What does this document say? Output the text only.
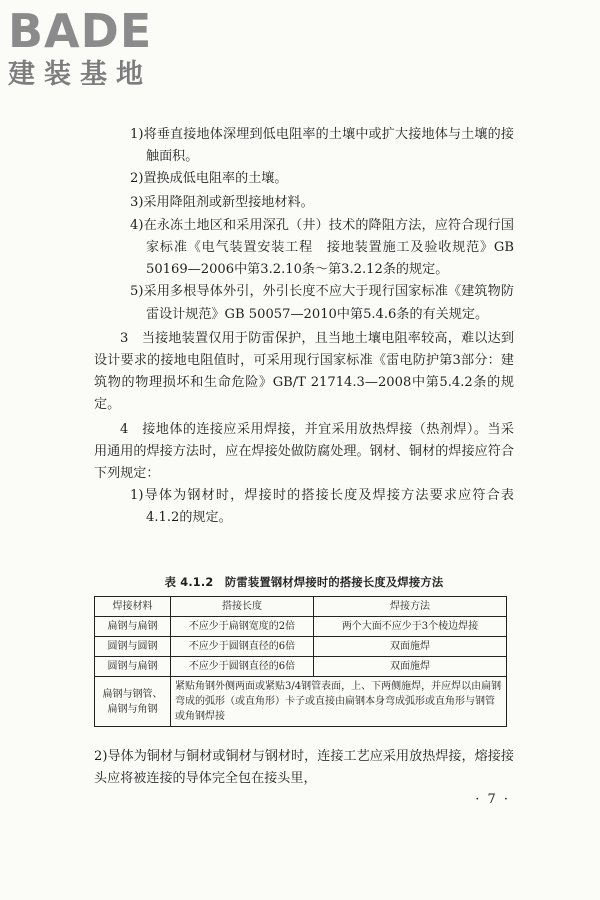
BADE
建装基地
1)将垂直接地体深埋到低电阻率的土壤中或扩大接地体与土壤的接触面积。
2)置换成低电阻率的土壤。
3)采用降阻剂或新型接地材料。
4)在永冻土地区和采用深孔（井）技术的降阻方法，应符合现行国家标准《电气装置安装工程　接地装置施工及验收规范》GB 50169—2006中第3.2.10条～第3.2.12条的规定。
5)采用多根导体外引，外引长度不应大于现行国家标准《建筑物防雷设计规范》GB 50057—2010中第5.4.6条的有关规定。
3　当接地装置仅用于防雷保护，且当地土壤电阻率较高，难以达到设计要求的接地电阻值时，可采用现行国家标准《雷电防护第3部分：建筑物的物理损坏和生命危险》GB/T 21714.3—2008中第5.4.2条的规定。
4　接地体的连接应采用焊接，并宜采用放热焊接（热剂焊）。当采用通用的焊接方法时，应在焊接处做防腐处理。钢材、铜材的焊接应符合下列规定：
1)导体为钢材时，焊接时的搭接长度及焊接方法要求应符合表4.1.2的规定。
表 4.1.2　防雷装置钢材焊接时的搭接长度及焊接方法
焊接材料	搭接长度	焊接方法
扁钢与扁钢	不应少于扁钢宽度的2倍	两个大面不应少于3个棱边焊接
圆钢与圆钢	不应少于圆钢直径的6倍	双面施焊
圆钢与扁钢	不应少于圆钢直径的6倍	双面施焊
扁钢与钢管、扁钢与角钢	紧贴角钢外侧两面或紧贴3/4钢管表面，上、下两侧施焊，并应焊以由扁钢弯成的弧形（或直角形）卡子或直接由扁钢本身弯成弧形或直角形与钢管或角钢焊接	
2)导体为铜材与铜材或铜材与钢材时，连接工艺应采用放热焊接，熔接接头应将被连接的导体完全包在接头里，
· 7 ·
